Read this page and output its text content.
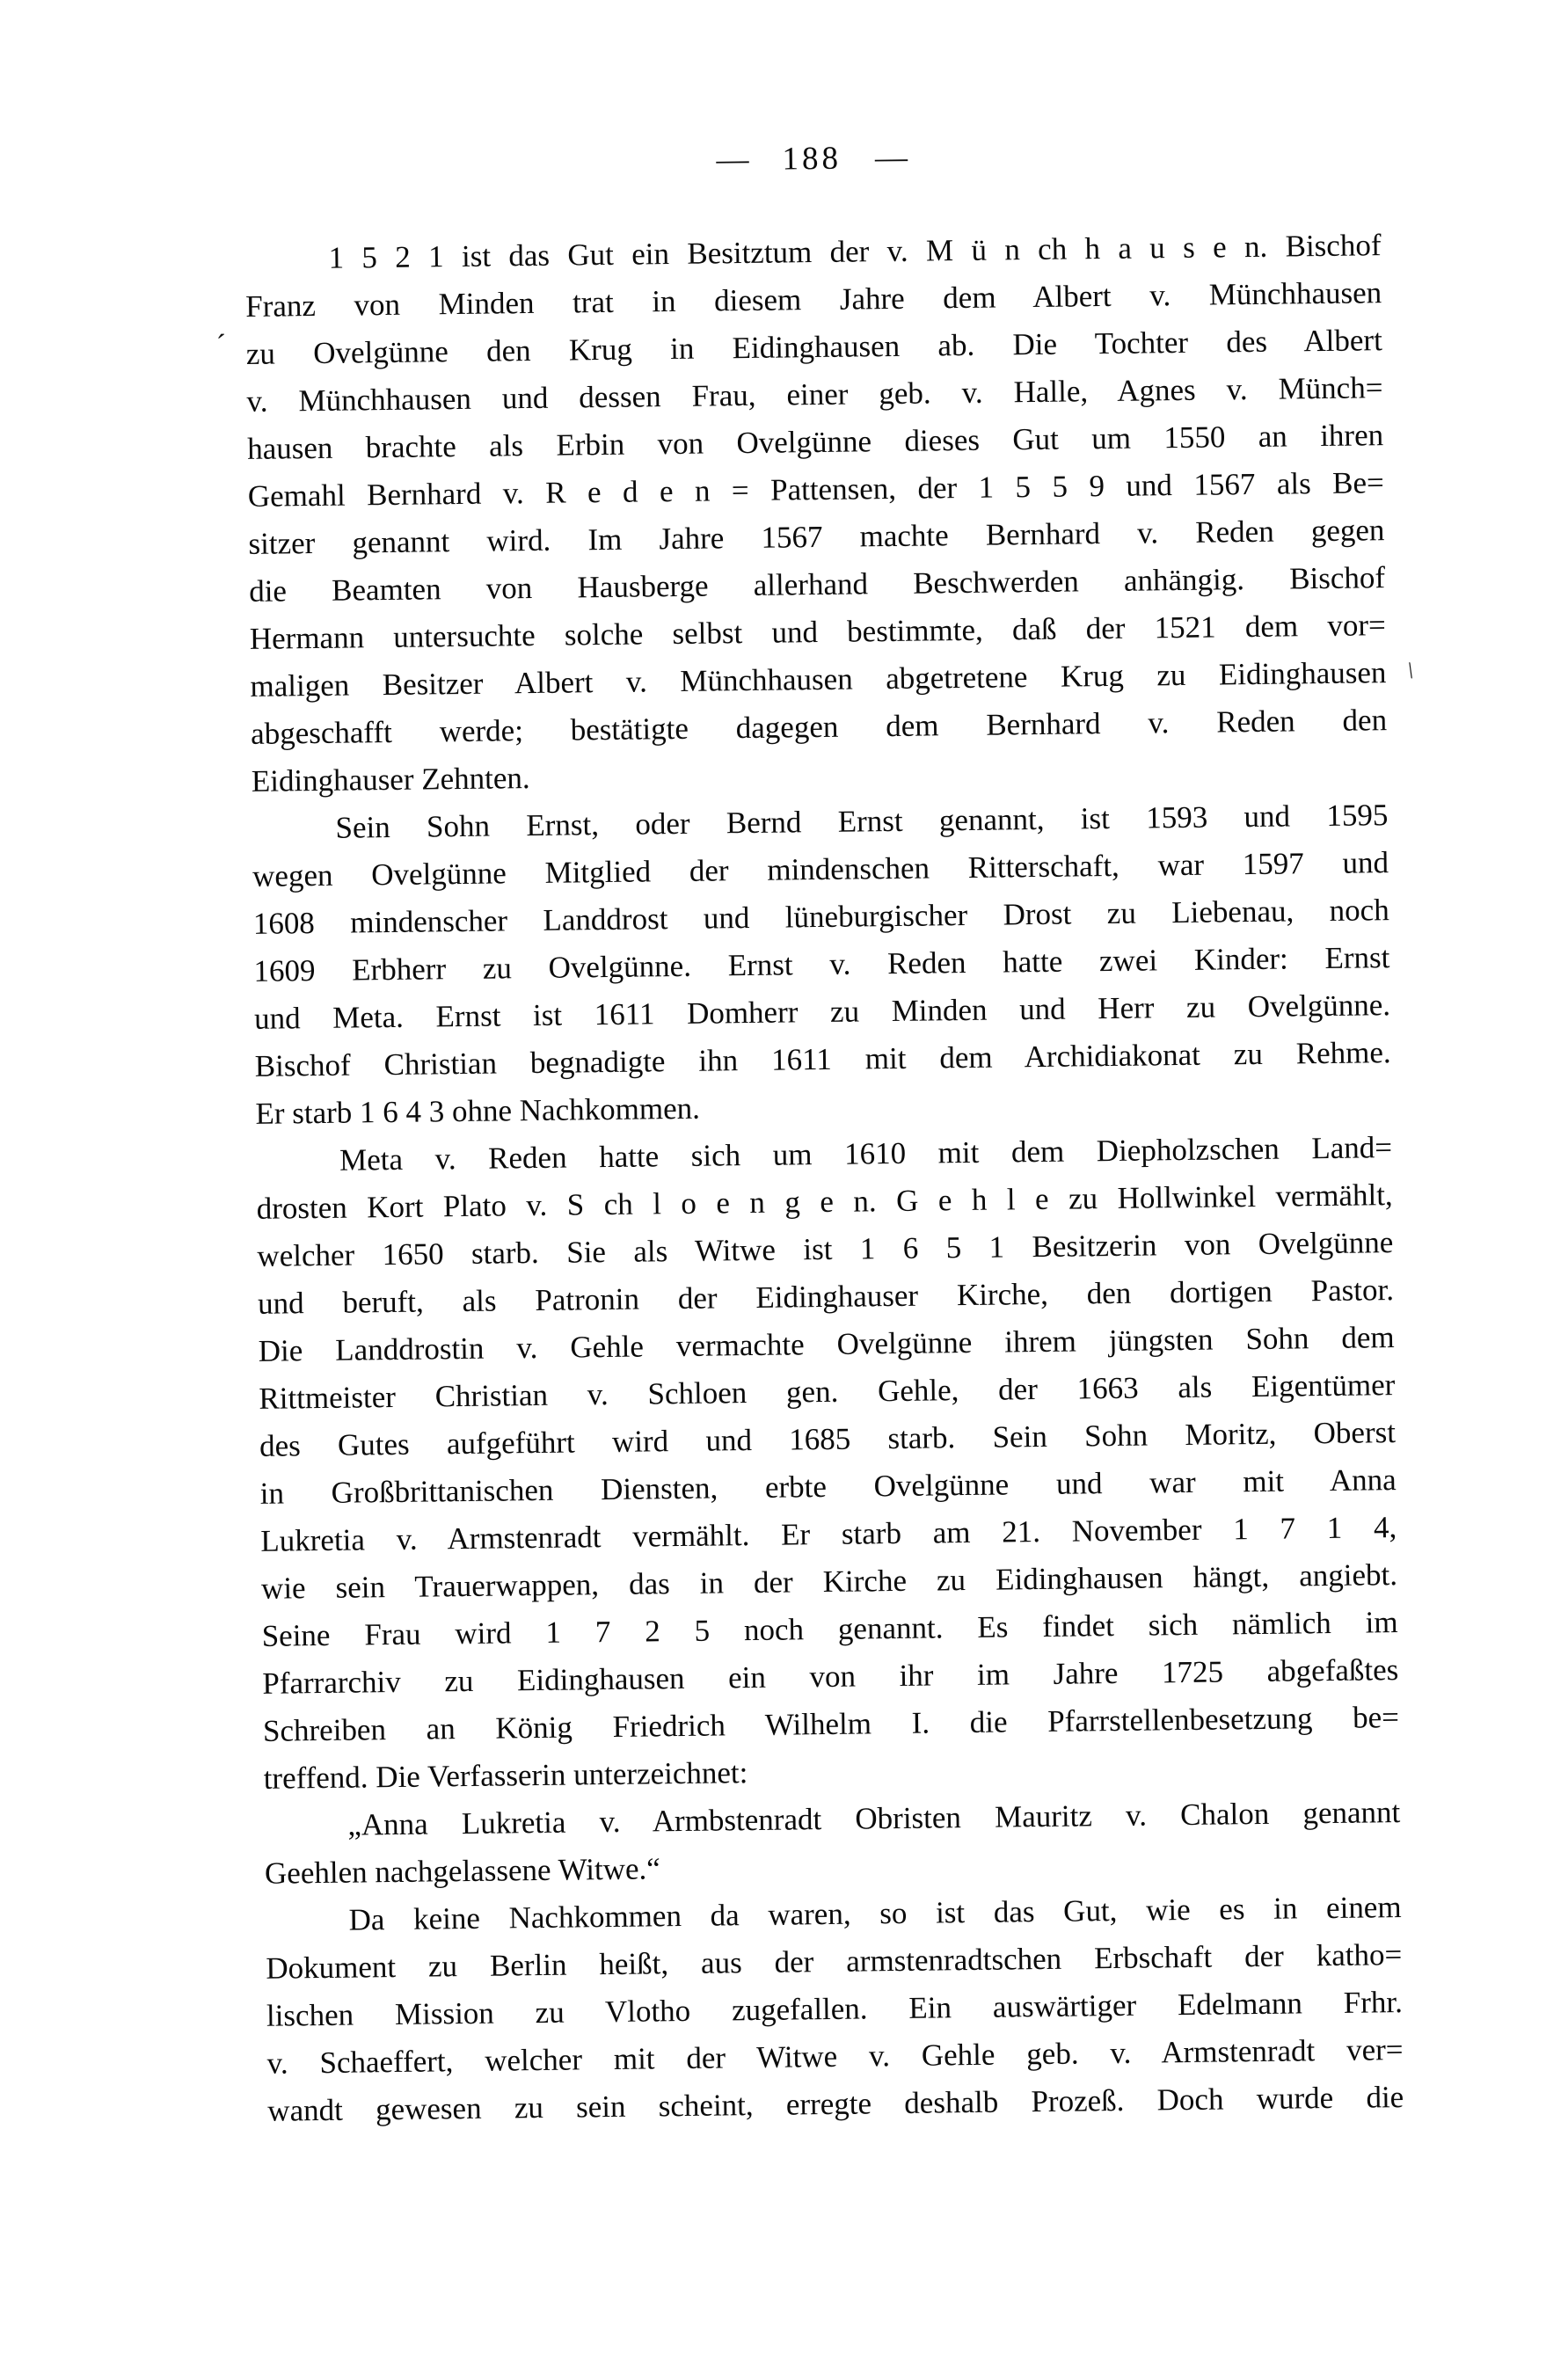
— 188 —
1 5 2 1 ist das Gut ein Besitztum der v. M ü n ch h a u s e n. Bischof
Franz von Minden trat in diesem Jahre dem Albert v. Münchhausen
zu Ovelgünne den Krug in Eidinghausen ab. Die Tochter des Albert
v. Münchhausen und dessen Frau, einer geb. v. Halle, Agnes v. Münch=
hausen brachte als Erbin von Ovelgünne dieses Gut um 1550 an ihren
Gemahl Bernhard v. R e d e n = Pattensen, der 1 5 5 9 und 1567 als Be=
sitzer genannt wird. Im Jahre 1567 machte Bernhard v. Reden gegen
die Beamten von Hausberge allerhand Beschwerden anhängig. Bischof
Hermann untersuchte solche selbst und bestimmte, daß der 1521 dem vor=
maligen Besitzer Albert v. Münchhausen abgetretene Krug zu Eidinghausen
abgeschafft werde; bestätigte dagegen dem Bernhard v. Reden den
Eidinghauser Zehnten.
Sein Sohn Ernst, oder Bernd Ernst genannt, ist 1593 und 1595
wegen Ovelgünne Mitglied der mindenschen Ritterschaft, war 1597 und
1608 mindenscher Landdrost und lüneburgischer Drost zu Liebenau, noch
1609 Erbherr zu Ovelgünne. Ernst v. Reden hatte zwei Kinder: Ernst
und Meta. Ernst ist 1611 Domherr zu Minden und Herr zu Ovelgünne.
Bischof Christian begnadigte ihn 1611 mit dem Archidiakonat zu Rehme.
Er starb 1 6 4 3 ohne Nachkommen.
Meta v. Reden hatte sich um 1610 mit dem Diepholzschen Land=
drosten Kort Plato v. S ch l o e n g e n. G e h l e zu Hollwinkel vermählt,
welcher 1650 starb. Sie als Witwe ist 1 6 5 1 Besitzerin von Ovelgünne
und beruft, als Patronin der Eidinghauser Kirche, den dortigen Pastor.
Die Landdrostin v. Gehle vermachte Ovelgünne ihrem jüngsten Sohn dem
Rittmeister Christian v. Schloen gen. Gehle, der 1663 als Eigentümer
des Gutes aufgeführt wird und 1685 starb. Sein Sohn Moritz, Oberst
in Großbrittanischen Diensten, erbte Ovelgünne und war mit Anna
Lukretia v. Armstenradt vermählt. Er starb am 21. November 1 7 1 4,
wie sein Trauerwappen, das in der Kirche zu Eidinghausen hängt, angiebt.
Seine Frau wird 1 7 2 5 noch genannt. Es findet sich nämlich im
Pfarrarchiv zu Eidinghausen ein von ihr im Jahre 1725 abgefaßtes
Schreiben an König Friedrich Wilhelm I. die Pfarrstellenbesetzung be=
treffend. Die Verfasserin unterzeichnet:
„Anna Lukretia v. Armbstenradt Obristen Mauritz v. Chalon genannt
Geehlen nachgelassene Witwe.“
Da keine Nachkommen da waren, so ist das Gut, wie es in einem
Dokument zu Berlin heißt, aus der armstenradtschen Erbschaft der katho=
lischen Mission zu Vlotho zugefallen. Ein auswärtiger Edelmann Frhr.
v. Schaeffert, welcher mit der Witwe v. Gehle geb. v. Armstenradt ver=
wandt gewesen zu sein scheint, erregte deshalb Prozeß. Doch wurde die
´
\
